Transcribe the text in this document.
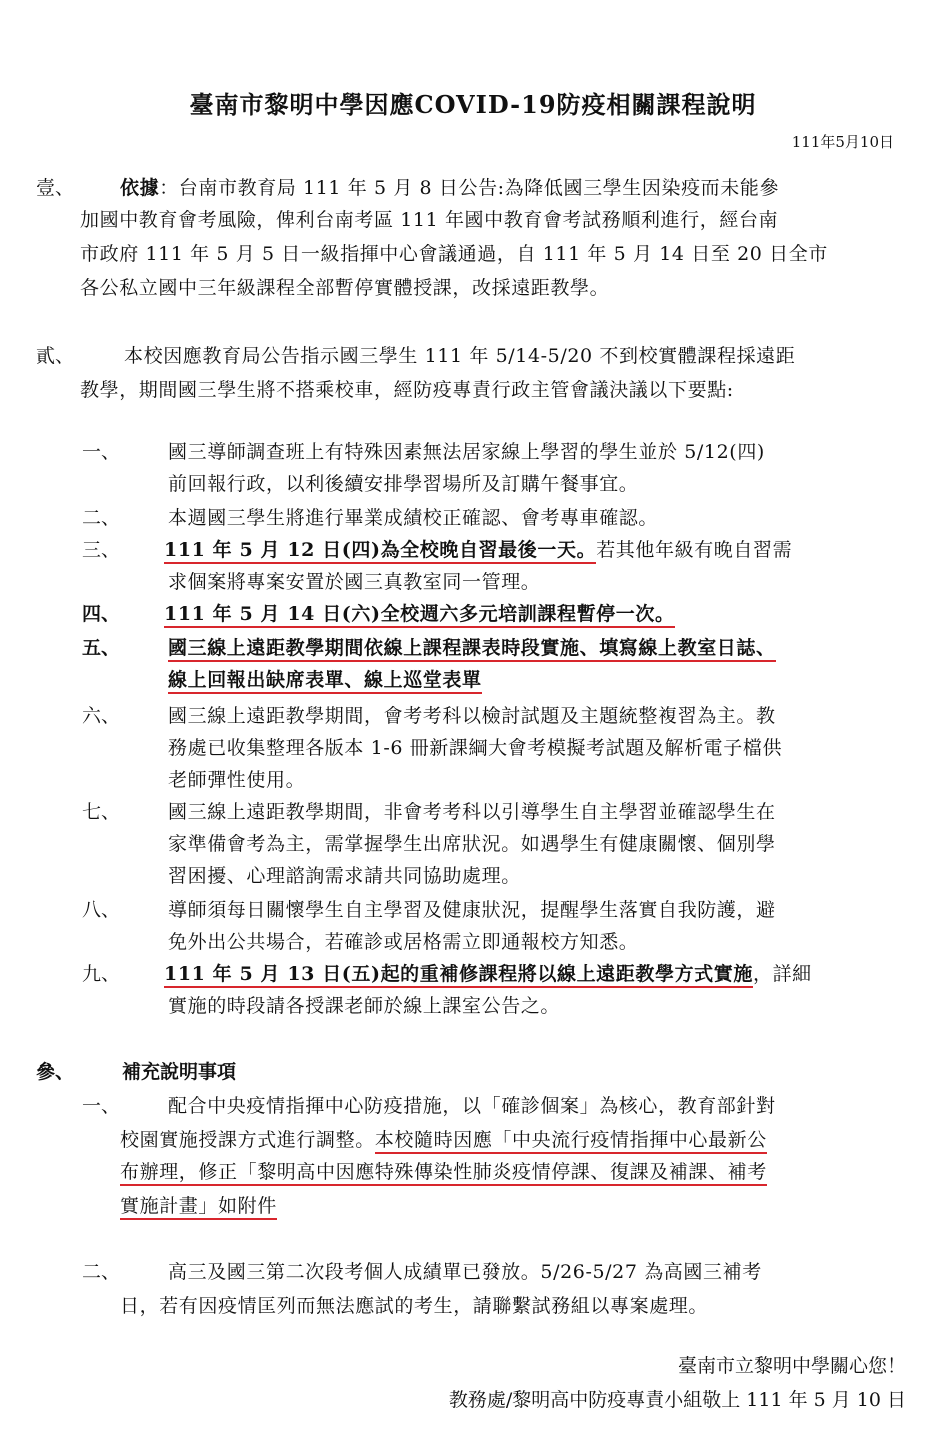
臺南市黎明中學因應COVID-19防疫相關課程說明
111年5月10日
壹、 依據：台南市教育局 111 年 5 月 8 日公告:為降低國三學生因染疫而未能參
加國中教育會考風險，俾利台南考區 111 年國中教育會考試務順利進行，經台南
市政府 111 年 5 月 5 日一級指揮中心會議通過，自 111 年 5 月 14 日至 20 日全市
各公私立國中三年級課程全部暫停實體授課，改採遠距教學。
貳、	本校因應教育局公告指示國三學生 111 年 5/14-5/20 不到校實體課程採遠距
教學，期間國三學生將不搭乘校車，經防疫專責行政主管會議決議以下要點:
一、	國三導師調查班上有特殊因素無法居家線上學習的學生並於 5/12(四)
前回報行政，以利後續安排學習場所及訂購午餐事宜。
二、	本週國三學生將進行畢業成績校正確認、會考專車確認。
三、 111 年 5 月 12 日(四)為全校晚自習最後一天。若其他年級有晚自習需
求個案將專案安置於國三真教室同一管理。
四、 111 年 5 月 14 日(六)全校週六多元培訓課程暫停一次。
五、	國三線上遠距教學期間依線上課程課表時段實施、填寫線上教室日誌、
線上回報出缺席表單、線上巡堂表單
六、	國三線上遠距教學期間，會考考科以檢討試題及主題統整複習為主。教
務處已收集整理各版本 1-6 冊新課綱大會考模擬考試題及解析電子檔供
老師彈性使用。
七、	國三線上遠距教學期間，非會考考科以引導學生自主學習並確認學生在
家準備會考為主，需掌握學生出席狀況。如遇學生有健康關懷、個別學
習困擾、心理諮詢需求請共同協助處理。
八、	導師須每日關懷學生自主學習及健康狀況，提醒學生落實自我防護，避
免外出公共場合，若確診或居格需立即通報校方知悉。
九、 111 年 5 月 13 日(五)起的重補修課程將以線上遠距教學方式實施，詳細
實施的時段請各授課老師於線上課室公告之。
參、	補充說明事項
一、	配合中央疫情指揮中心防疫措施，以「確診個案」為核心，教育部針對
校園實施授課方式進行調整。本校隨時因應「中央流行疫情指揮中心最新公
布辦理，修正「黎明高中因應特殊傳染性肺炎疫情停課、復課及補課、補考
實施計畫」如附件
二、	高三及國三第二次段考個人成績單已發放。5/26-5/27 為高國三補考
日，若有因疫情匡列而無法應試的考生，請聯繫試務組以專案處理。
臺南市立黎明中學關心您！
教務處/黎明高中防疫專責小組敬上 111 年 5 月 10 日
